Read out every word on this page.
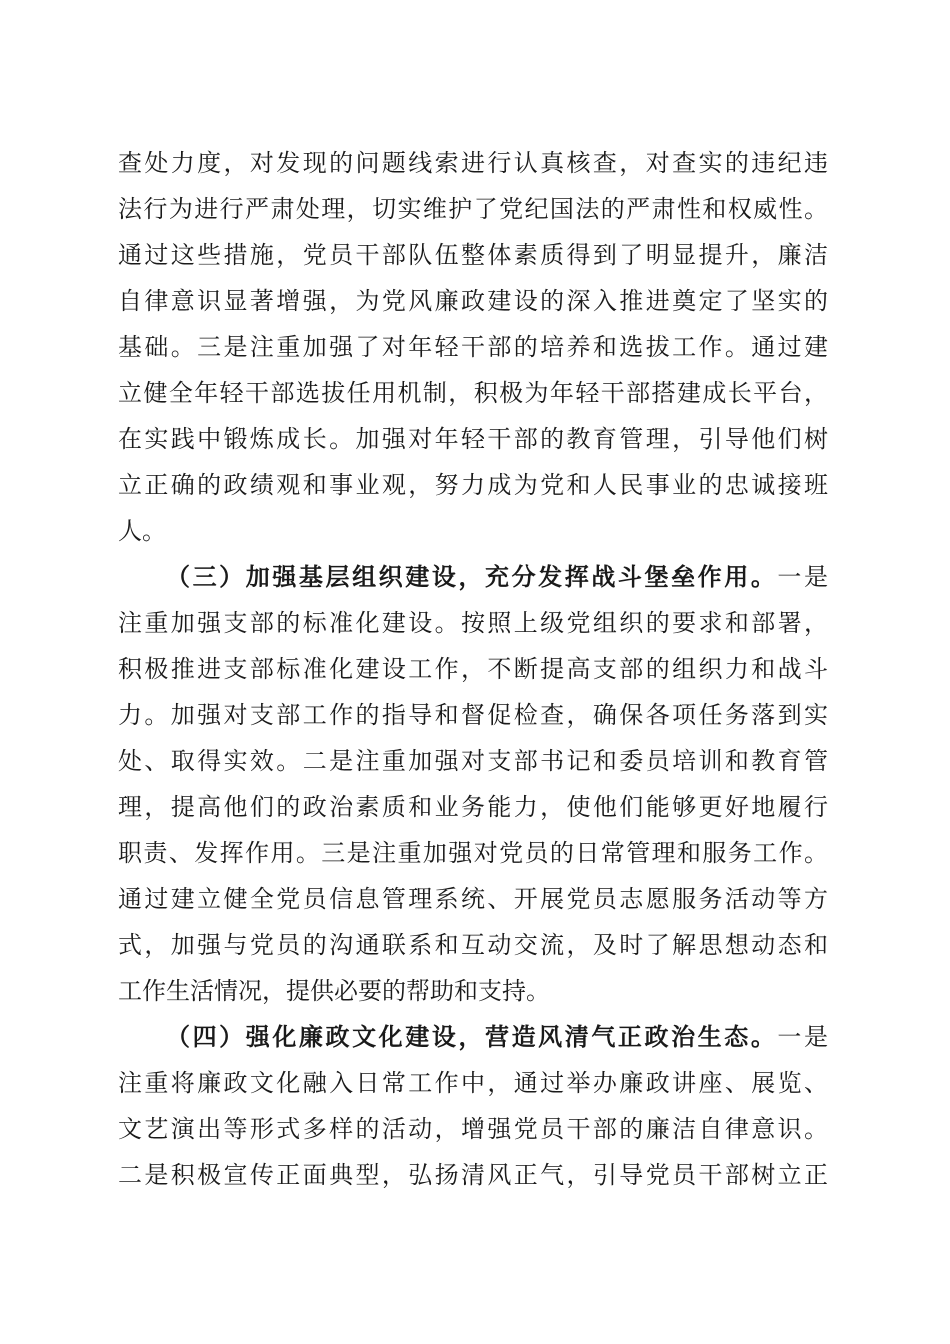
查处力度，对发现的问题线索进行认真核查，对查实的违纪违
法行为进行严肃处理，切实维护了党纪国法的严肃性和权威性。
通过这些措施，党员干部队伍整体素质得到了明显提升，廉洁
自律意识显著增强，为党风廉政建设的深入推进奠定了坚实的
基础。三是注重加强了对年轻干部的培养和选拔工作。通过建
立健全年轻干部选拔任用机制，积极为年轻干部搭建成长平台，
在实践中锻炼成长。加强对年轻干部的教育管理，引导他们树
立正确的政绩观和事业观，努力成为党和人民事业的忠诚接班
人。
（三）加强基层组织建设，充分发挥战斗堡垒作用。一是
注重加强支部的标准化建设。按照上级党组织的要求和部署，
积极推进支部标准化建设工作，不断提高支部的组织力和战斗
力。加强对支部工作的指导和督促检查，确保各项任务落到实
处、取得实效。二是注重加强对支部书记和委员培训和教育管
理，提高他们的政治素质和业务能力，使他们能够更好地履行
职责、发挥作用。三是注重加强对党员的日常管理和服务工作。
通过建立健全党员信息管理系统、开展党员志愿服务活动等方
式，加强与党员的沟通联系和互动交流，及时了解思想动态和
工作生活情况，提供必要的帮助和支持。
（四）强化廉政文化建设，营造风清气正政治生态。一是
注重将廉政文化融入日常工作中，通过举办廉政讲座、展览、
文艺演出等形式多样的活动，增强党员干部的廉洁自律意识。
二是积极宣传正面典型，弘扬清风正气，引导党员干部树立正
